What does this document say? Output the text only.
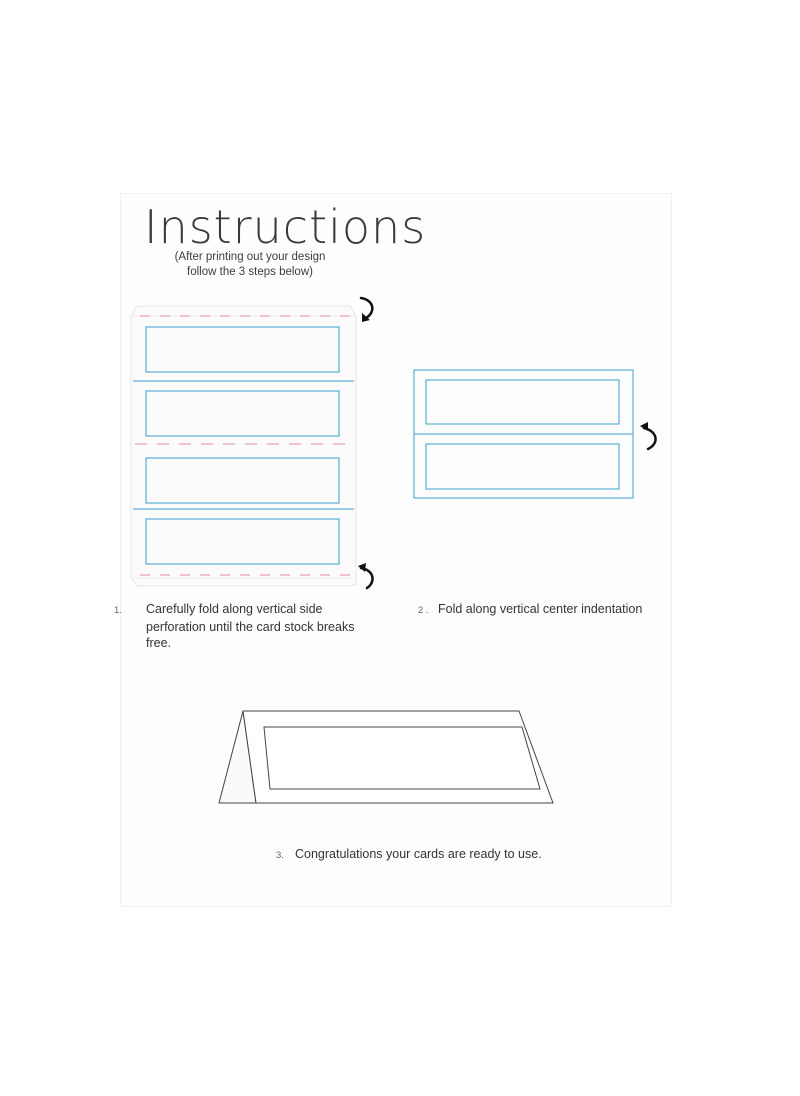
Instructions
(After printing out your design
follow the 3 steps below)
1. Carefully fold along vertical side perforation until the card stock breaks free.
2 . Fold along vertical center indentation
3. Congratulations your cards are ready to use.
